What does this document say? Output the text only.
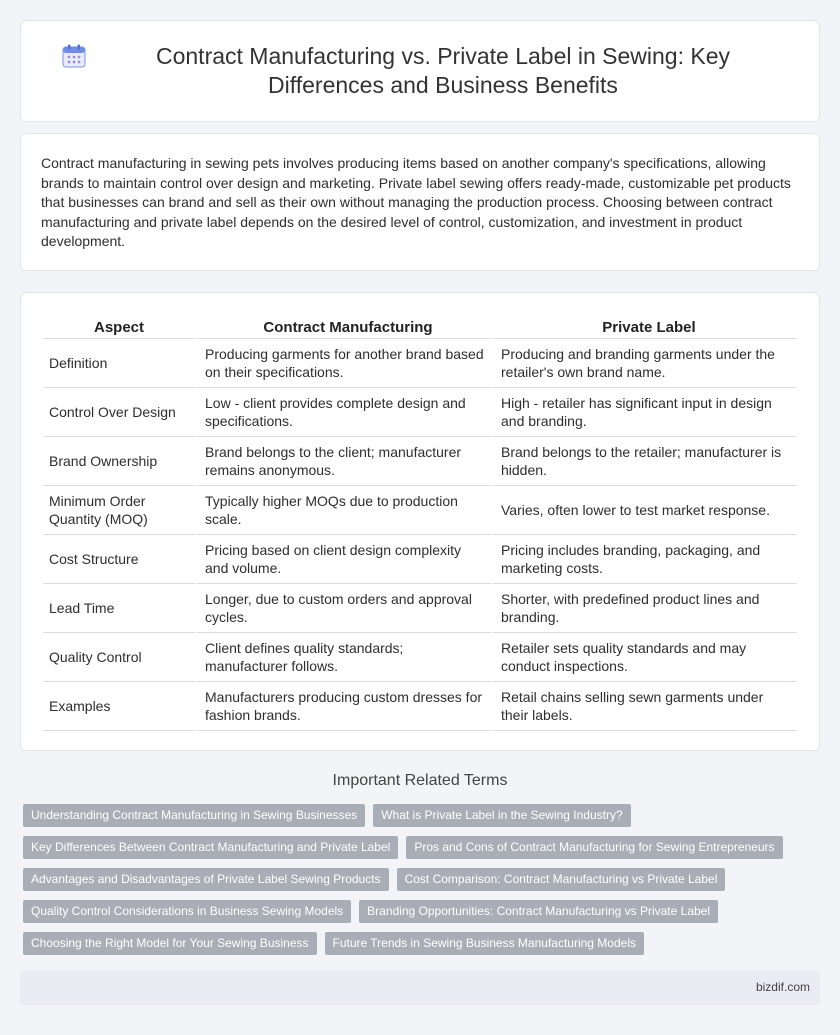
Contract Manufacturing vs. Private Label in Sewing: Key Differences and Business Benefits

Contract manufacturing in sewing pets involves producing items based on another company's specifications, allowing brands to maintain control over design and marketing. Private label sewing offers ready-made, customizable pet products that businesses can brand and sell as their own without managing the production process. Choosing between contract manufacturing and private label depends on the desired level of control, customization, and investment in product development.

Aspect	Contract Manufacturing	Private Label
Definition	Producing garments for another brand based on their specifications.	Producing and branding garments under the retailer's own brand name.
Control Over Design	Low - client provides complete design and specifications.	High - retailer has significant input in design and branding.
Brand Ownership	Brand belongs to the client; manufacturer remains anonymous.	Brand belongs to the retailer; manufacturer is hidden.
Minimum Order Quantity (MOQ)	Typically higher MOQs due to production scale.	Varies, often lower to test market response.
Cost Structure	Pricing based on client design complexity and volume.	Pricing includes branding, packaging, and marketing costs.
Lead Time	Longer, due to custom orders and approval cycles.	Shorter, with predefined product lines and branding.
Quality Control	Client defines quality standards; manufacturer follows.	Retailer sets quality standards and may conduct inspections.
Examples	Manufacturers producing custom dresses for fashion brands.	Retail chains selling sewn garments under their labels.
Important Related Terms
Understanding Contract Manufacturing in Sewing Businesses	What is Private Label in the Sewing Industry?
Key Differences Between Contract Manufacturing and Private Label	Pros and Cons of Contract Manufacturing for Sewing Entrepreneurs
Advantages and Disadvantages of Private Label Sewing Products	Cost Comparison: Contract Manufacturing vs Private Label
Quality Control Considerations in Business Sewing Models	Branding Opportunities: Contract Manufacturing vs Private Label
Choosing the Right Model for Your Sewing Business	Future Trends in Sewing Business Manufacturing Models
bizdif.com
